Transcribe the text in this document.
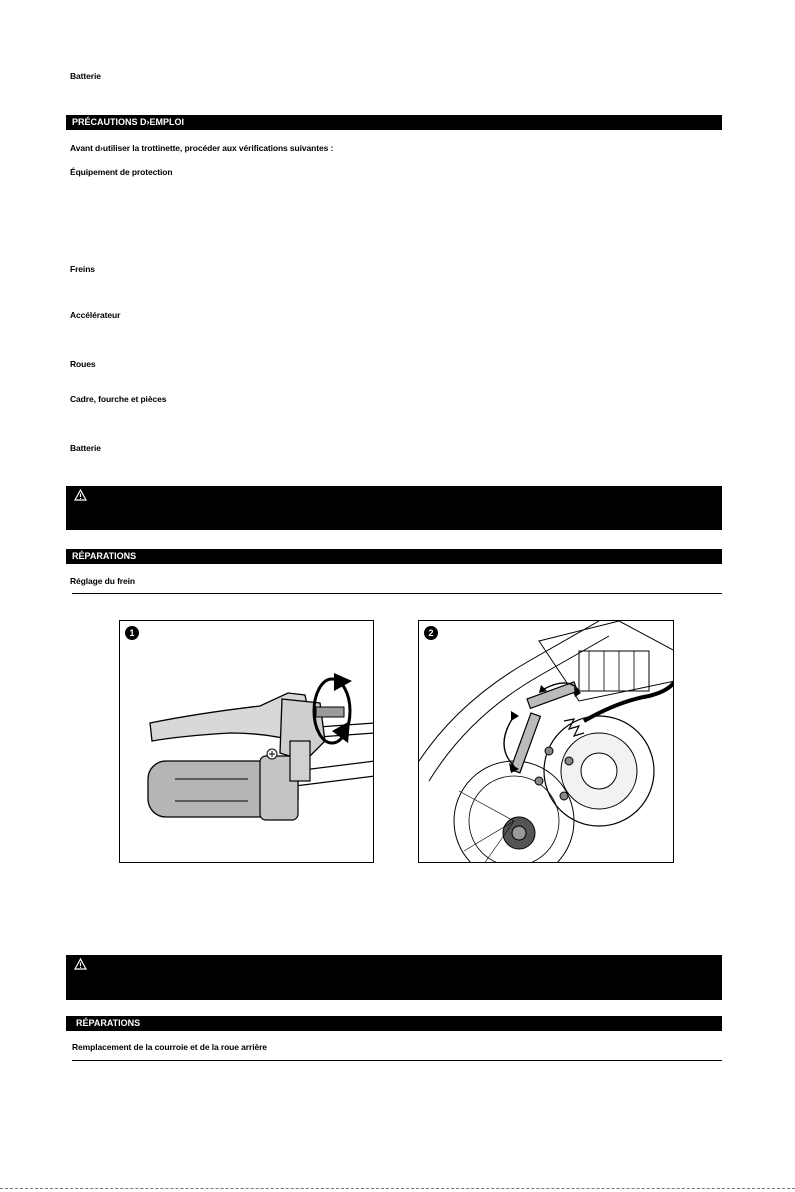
Batterie
PRÉCAUTIONS D›EMPLOI
Avant d›utiliser la trottinette, procéder aux vérifications suivantes :
Équipement de protection
Freins
Accélérateur
Roues
Cadre, fourche et pièces
Batterie
RÉPARATIONS
Réglage du frein
1	2
RÉPARATIONS
Remplacement de la courroie et de la roue arrière
